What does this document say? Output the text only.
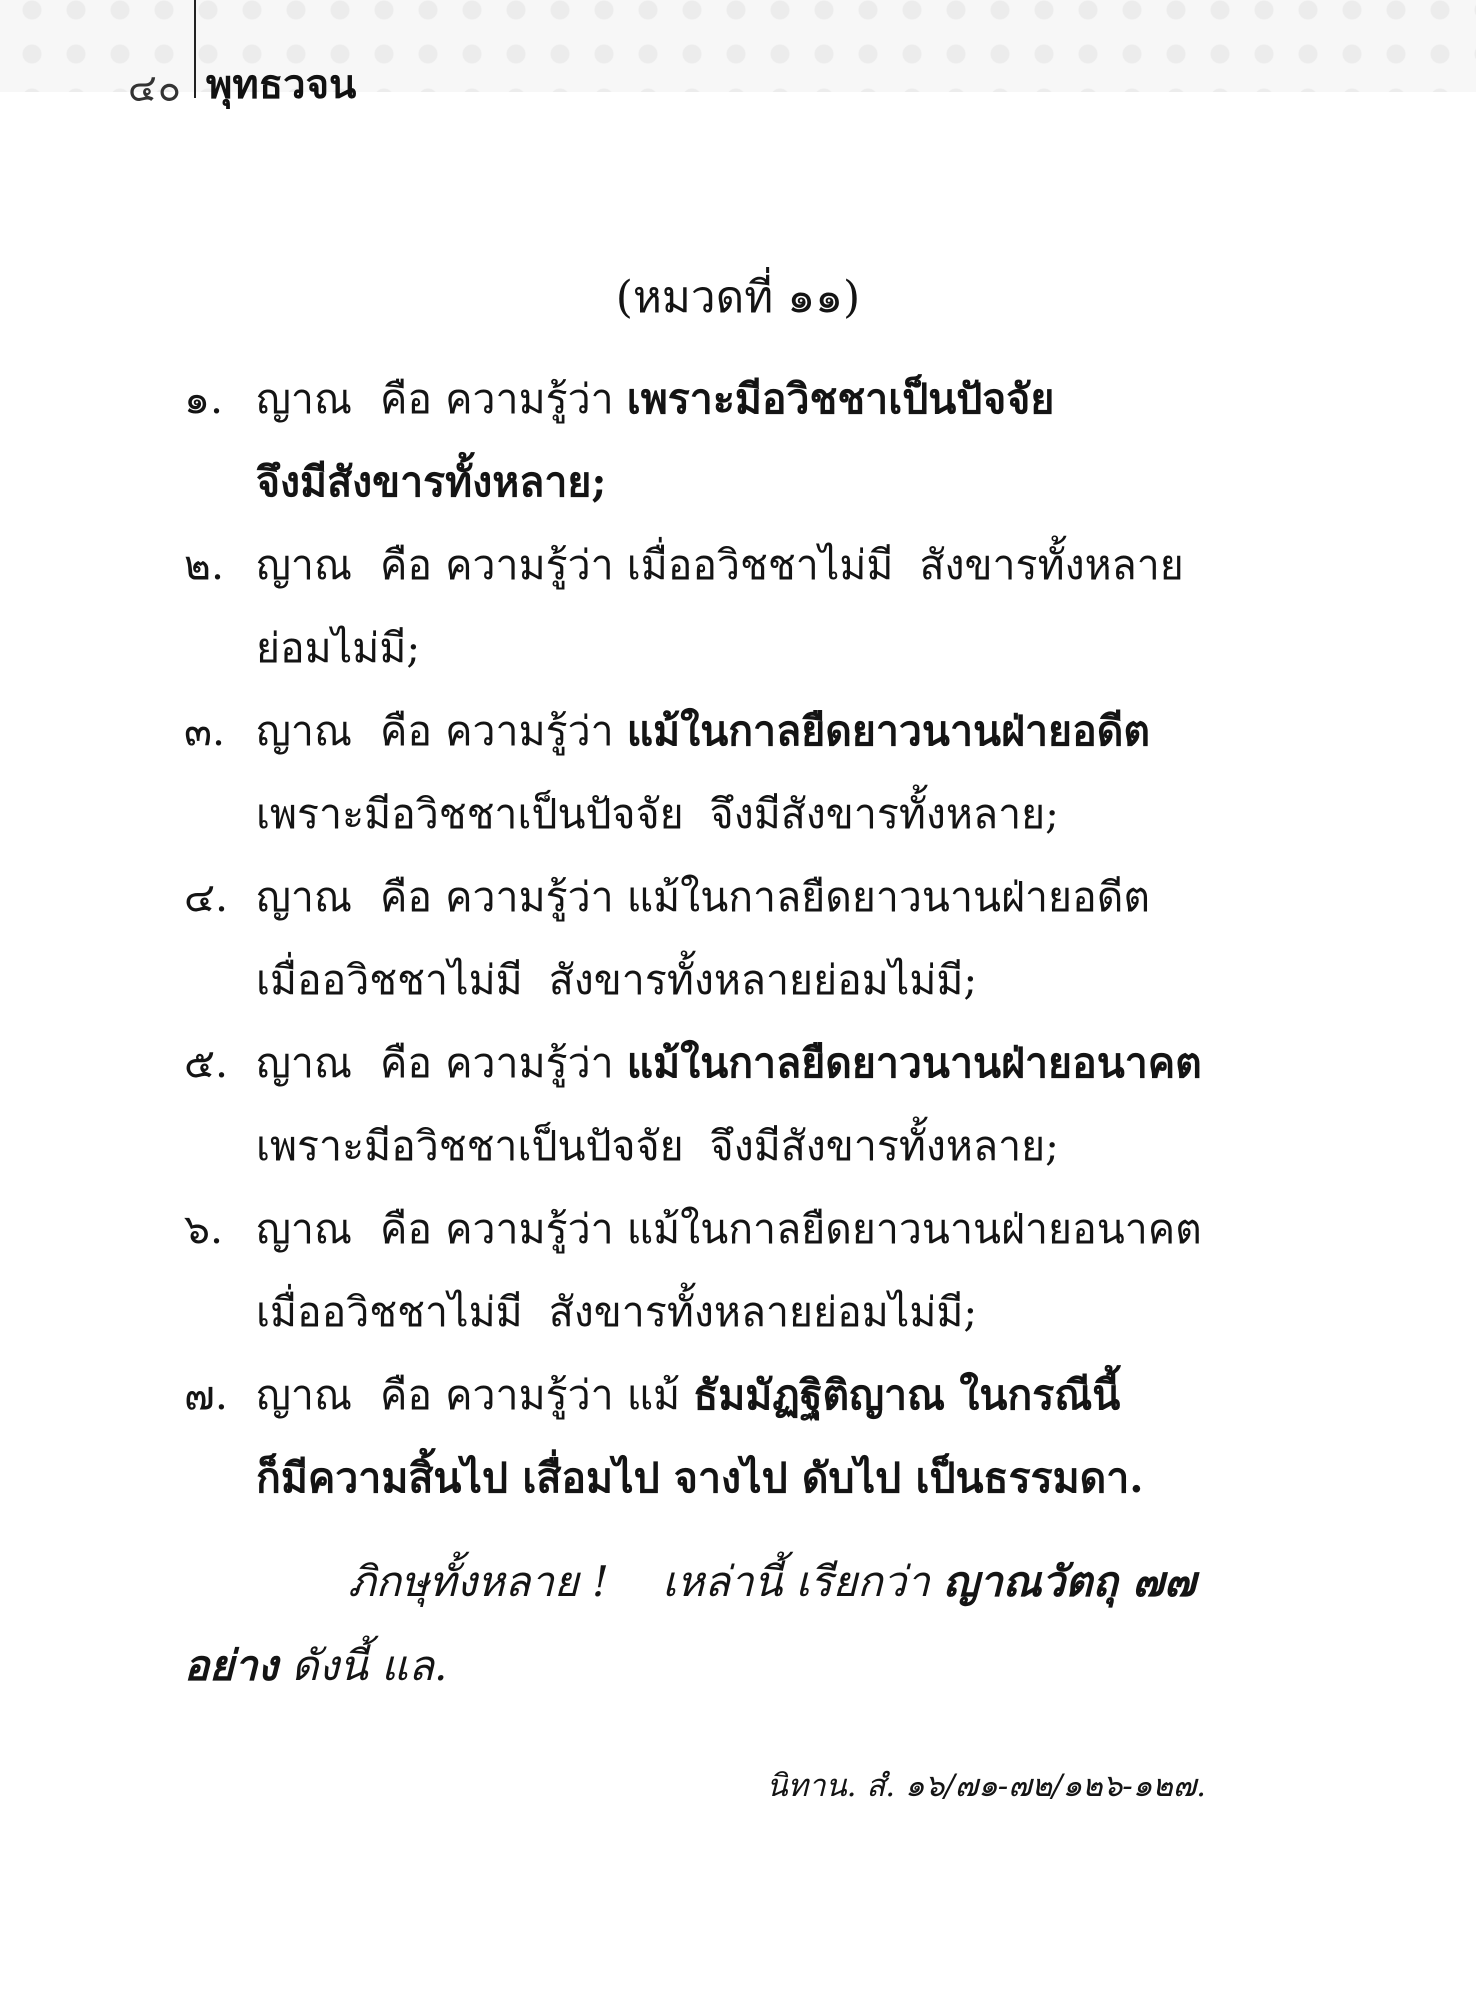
๔๐ พุทธวจน
(หมวดที่ ๑๑)
๑. ญาณ คือ ความรู้ว่า เพราะมีอวิชชาเป็นปัจจัย
จึงมีสังขารทั้งหลาย;
๒. ญาณ คือ ความรู้ว่า เมื่ออวิชชาไม่มี  สังขารทั้งหลาย
ย่อมไม่มี;
๓. ญาณ คือ ความรู้ว่า แม้ในกาลยืดยาวนานฝ่ายอดีต
เพราะมีอวิชชาเป็นปัจจัย  จึงมีสังขารทั้งหลาย;
๔. ญาณ คือ ความรู้ว่า แม้ในกาลยืดยาวนานฝ่ายอดีต
เมื่ออวิชชาไม่มี  สังขารทั้งหลายย่อมไม่มี;
๕. ญาณ คือ ความรู้ว่า แม้ในกาลยืดยาวนานฝ่ายอนาคต
เพราะมีอวิชชาเป็นปัจจัย  จึงมีสังขารทั้งหลาย;
๖. ญาณ คือ ความรู้ว่า แม้ในกาลยืดยาวนานฝ่ายอนาคต
เมื่ออวิชชาไม่มี  สังขารทั้งหลายย่อมไม่มี;
๗. ญาณ คือ ความรู้ว่า แม้ ธัมมัฏฐิติญาณ ในกรณีนี้
ก็มีความสิ้นไป เสื่อมไป จางไป ดับไป เป็นธรรมดา.
ภิกษุทั้งหลาย ! เหล่านี้ เรียกว่า ญาณวัตถุ ๗๗
อย่าง ดังนี้ แล.
นิทาน. สํ. ๑๖/๗๑-๗๒/๑๒๖-๑๒๗.
